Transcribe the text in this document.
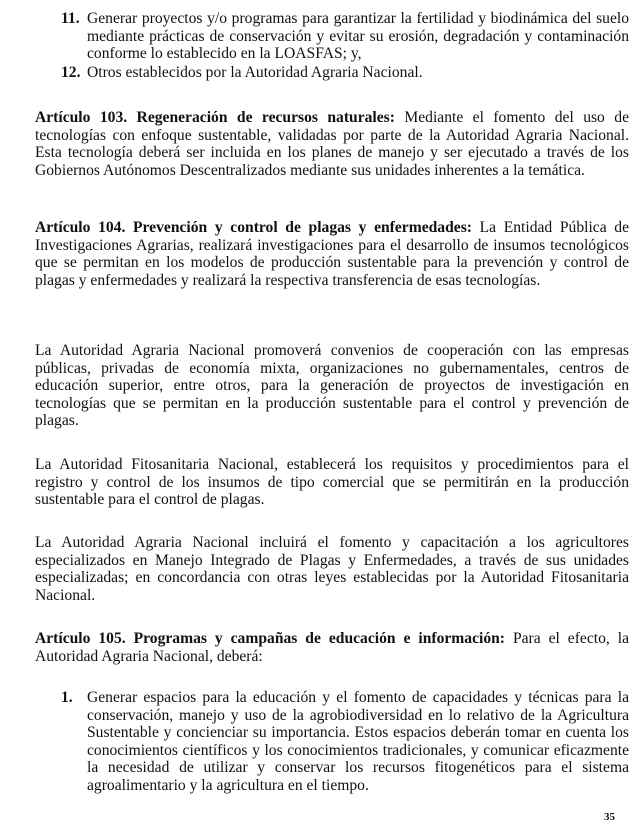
11. Generar proyectos y/o programas para garantizar la fertilidad y biodinámica del suelo mediante prácticas de conservación y evitar su erosión, degradación y contaminación conforme lo establecido en la LOASFAS; y,
12. Otros establecidos por la Autoridad Agraria Nacional.

Artículo 103. Regeneración de recursos naturales: Mediante el fomento del uso de tecnologías con enfoque sustentable, validadas por parte de la Autoridad Agraria Nacional. Esta tecnología deberá ser incluida en los planes de manejo y ser ejecutado a través de los Gobiernos Autónomos Descentralizados mediante sus unidades inherentes a la temática.

Artículo 104. Prevención y control de plagas y enfermedades: La Entidad Pública de Investigaciones Agrarias, realizará investigaciones para el desarrollo de insumos tecnológicos que se permitan en los modelos de producción sustentable para la prevención y control de plagas y enfermedades y realizará la respectiva transferencia de esas tecnologías.

La Autoridad Agraria Nacional promoverá convenios de cooperación con las empresas públicas, privadas de economía mixta, organizaciones no gubernamentales, centros de educación superior, entre otros, para la generación de proyectos de investigación en tecnologías que se permitan en la producción sustentable para el control y prevención de plagas.

La Autoridad Fitosanitaria Nacional, establecerá los requisitos y procedimientos para el registro y control de los insumos de tipo comercial que se permitirán en la producción sustentable para el control de plagas.

La Autoridad Agraria Nacional incluirá el fomento y capacitación a los agricultores especializados en Manejo Integrado de Plagas y Enfermedades, a través de sus unidades especializadas; en concordancia con otras leyes establecidas por la Autoridad Fitosanitaria Nacional.

Artículo 105. Programas y campañas de educación e información: Para el efecto, la Autoridad Agraria Nacional, deberá:

1. Generar espacios para la educación y el fomento de capacidades y técnicas para la conservación, manejo y uso de la agrobiodiversidad en lo relativo de la Agricultura Sustentable y concienciar su importancia. Estos espacios deberán tomar en cuenta los conocimientos científicos y los conocimientos tradicionales, y comunicar eficazmente la necesidad de utilizar y conservar los recursos fitogenéticos para el sistema agroalimentario y la agricultura en el tiempo.
35
